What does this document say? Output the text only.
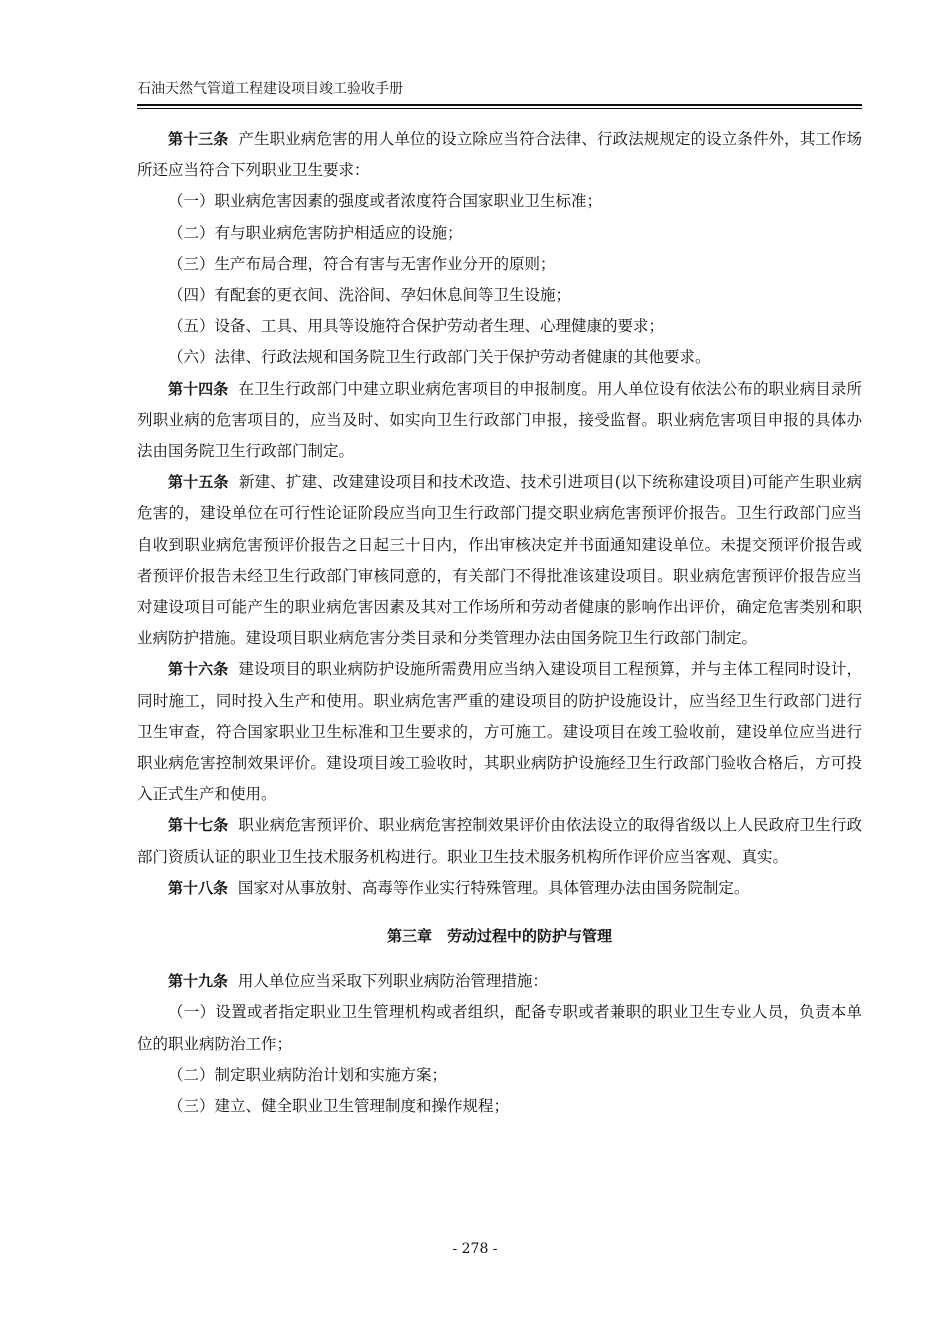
石油天然气管道工程建设项目竣工验收手册

第十三条 产生职业病危害的用人单位的设立除应当符合法律、行政法规规定的设立条件外，其工作场所还应当符合下列职业卫生要求：

（一）职业病危害因素的强度或者浓度符合国家职业卫生标准；

（二）有与职业病危害防护相适应的设施；

（三）生产布局合理，符合有害与无害作业分开的原则；

（四）有配套的更衣间、洗浴间、孕妇休息间等卫生设施；

（五）设备、工具、用具等设施符合保护劳动者生理、心理健康的要求；

（六）法律、行政法规和国务院卫生行政部门关于保护劳动者健康的其他要求。

第十四条 在卫生行政部门中建立职业病危害项目的申报制度。用人单位设有依法公布的职业病目录所列职业病的危害项目的，应当及时、如实向卫生行政部门申报，接受监督。职业病危害项目申报的具体办法由国务院卫生行政部门制定。

第十五条 新建、扩建、改建建设项目和技术改造、技术引进项目(以下统称建设项目)可能产生职业病危害的，建设单位在可行性论证阶段应当向卫生行政部门提交职业病危害预评价报告。卫生行政部门应当自收到职业病危害预评价报告之日起三十日内，作出审核决定并书面通知建设单位。未提交预评价报告或者预评价报告未经卫生行政部门审核同意的，有关部门不得批准该建设项目。职业病危害预评价报告应当对建设项目可能产生的职业病危害因素及其对工作场所和劳动者健康的影响作出评价，确定危害类别和职业病防护措施。建设项目职业病危害分类目录和分类管理办法由国务院卫生行政部门制定。

第十六条 建设项目的职业病防护设施所需费用应当纳入建设项目工程预算，并与主体工程同时设计，同时施工，同时投入生产和使用。职业病危害严重的建设项目的防护设施设计，应当经卫生行政部门进行卫生审查，符合国家职业卫生标准和卫生要求的，方可施工。建设项目在竣工验收前，建设单位应当进行职业病危害控制效果评价。建设项目竣工验收时，其职业病防护设施经卫生行政部门验收合格后，方可投入正式生产和使用。

第十七条 职业病危害预评价、职业病危害控制效果评价由依法设立的取得省级以上人民政府卫生行政部门资质认证的职业卫生技术服务机构进行。职业卫生技术服务机构所作评价应当客观、真实。

第十八条 国家对从事放射、高毒等作业实行特殊管理。具体管理办法由国务院制定。

第三章　劳动过程中的防护与管理

第十九条 用人单位应当采取下列职业病防治管理措施：

（一）设置或者指定职业卫生管理机构或者组织，配备专职或者兼职的职业卫生专业人员，负责本单位的职业病防治工作；

（二）制定职业病防治计划和实施方案；

（三）建立、健全职业卫生管理制度和操作规程；

- 278 -
